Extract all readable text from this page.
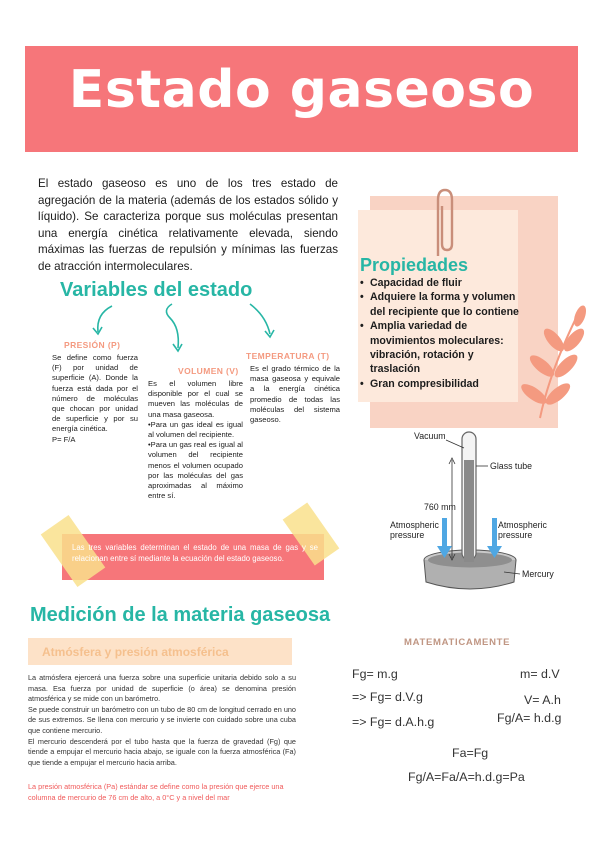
Estado gaseoso

El estado gaseoso es uno de los tres estado de agregación de la materia (además de los estados sólido y líquido). Se caracteriza porque sus moléculas presentan una energía cinética relativamente elevada, siendo máximas las fuerzas de repulsión y mínimas las fuerzas de atracción intermoleculares.	Propiedades
• Capacidad de fluir
• Adquiere la forma y volumen del recipiente que lo contiene
• Amplia variedad de movimientos moleculares: vibración, rotación y traslación
• Gran compresibilidad
Variables del estado
PRESIÓN (P)

Se define como fuerza (F) por unidad de superficie (A). Donde la fuerza está dada por el número de moléculas que chocan por unidad de superficie y por su energía cinética.

P= F/A

VOLUMEN (V)

Es el volumen libre disponible por el cual se mueven las moléculas de una masa gaseosa.

•Para un gas ideal es igual al volumen del recipiente.

•Para un gas real es igual al volumen del recipiente menos el volumen ocupado por las moléculas del gas aproximadas al máximo entre sí.

TEMPERATURA (T)

Es el grado térmico de la masa gaseosa y equivale a la energía cinética promedio de todas las moléculas del sistema gaseoso.

Las tres variables determinan el estado de una masa de gas y se relacionan entre sí mediante la ecuación del estado gaseoso.

Vacuum
Glass tube
760 mm
Atmospheric
pressure
Atmospheric
pressure
Mercury
Medición de la materia gaseosa
Atmósfera y presión atmosférica

La atmósfera ejercerá una fuerza sobre una superficie unitaria debido solo a su masa. Esa fuerza por unidad de superficie (o área) se denomina presión atmosférica y se mide con un barómetro.

Se puede construir un barómetro con un tubo de 80 cm de longitud cerrado en uno de sus extremos. Se llena con mercurio y se invierte con cuidado sobre una cuba que contiene mercurio.

El mercurio descenderá por el tubo hasta que la fuerza de gravedad (Fg) que tiende a empujar el mercurio hacia abajo, se iguale con la fuerza atmosférica (Fa) que tiende a empujar el mercurio hacia arriba.

La presión atmosférica (Pa) estándar se define como la presión que ejerce una columna de mercurio de 76 cm de alto, a 0°C y a nivel del mar

MATEMATICAMENTE
Fg= m.g
=> Fg= d.V.g
=> Fg= d.A.h.g
m= d.V
V= A.h
Fg/A= h.d.g
Fa=Fg
Fg/A=Fa/A=h.d.g=Pa
